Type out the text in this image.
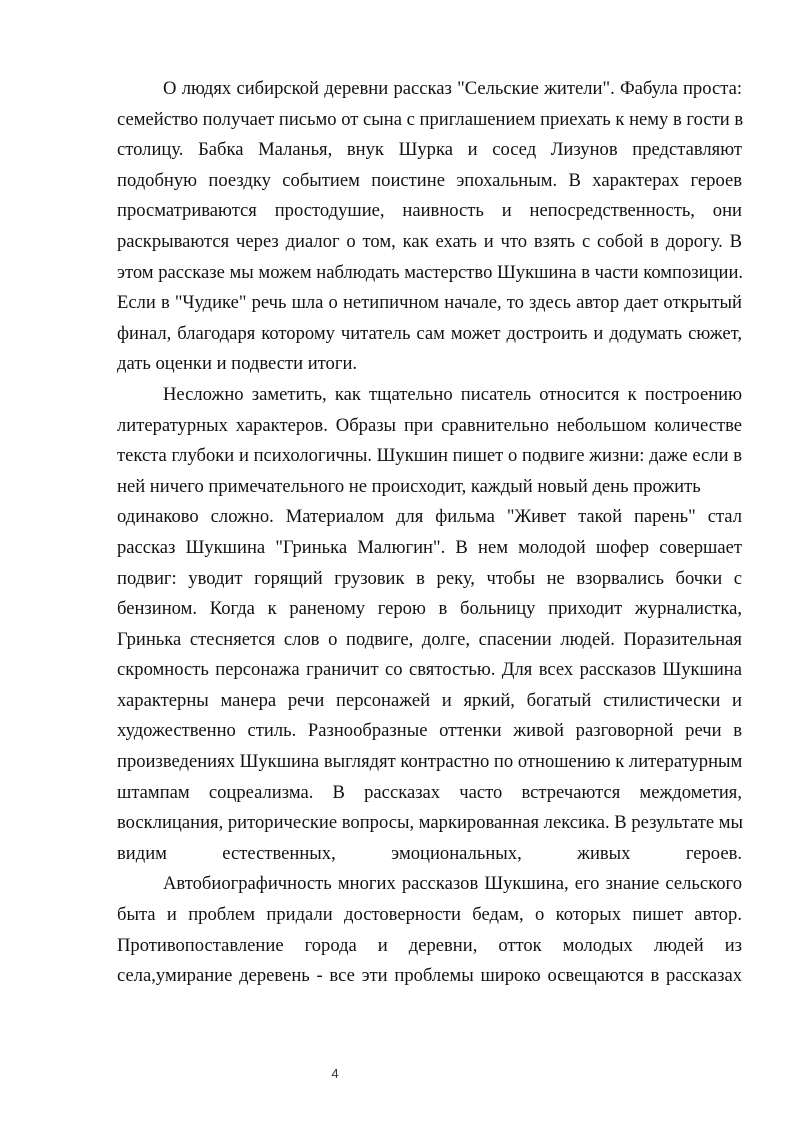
О людях сибирской деревни рассказ "Сельские жители". Фабула проста:
семейство получает письмо от сына с приглашением приехать к нему в гости в
столицу. Бабка Маланья, внук Шурка и сосед Лизунов представляют
подобную поездку событием поистине эпохальным. В характерах героев
просматриваются простодушие, наивность и непосредственность, они
раскрываются через диалог о том, как ехать и что взять с собой в дорогу. В
этом рассказе мы можем наблюдать мастерство Шукшина в части композиции.
Если в "Чудике" речь шла о нетипичном начале, то здесь автор дает открытый
финал, благодаря которому читатель сам может достроить и додумать сюжет,
дать оценки и подвести итоги.
Несложно заметить, как тщательно писатель относится к построению
литературных характеров. Образы при сравнительно небольшом количестве
текста глубоки и психологичны. Шукшин пишет о подвиге жизни: даже если в
ней ничего примечательного не происходит, каждый новый день прожить
одинаково сложно. Материалом для фильма "Живет такой парень" стал
рассказ Шукшина "Гринька Малюгин". В нем молодой шофер совершает
подвиг: уводит горящий грузовик в реку, чтобы не взорвались бочки с
бензином. Когда к раненому герою в больницу приходит журналистка,
Гринька стесняется слов о подвиге, долге, спасении людей. Поразительная
скромность персонажа граничит со святостью. Для всех рассказов Шукшина
характерны манера речи персонажей и яркий, богатый стилистически и
художественно стиль. Разнообразные оттенки живой разговорной речи в
произведениях Шукшина выглядят контрастно по отношению к литературным
штампам соцреализма. В рассказах часто встречаются междометия,
восклицания, риторические вопросы, маркированная лексика. В результате мы
видим естественных, эмоциональных, живых героев.
Автобиографичность многих рассказов Шукшина, его знание сельского
быта и проблем придали достоверности бедам, о которых пишет автор.
Противопоставление города и деревни, отток молодых людей из
села,умирание деревень - все эти проблемы широко освещаются в рассказах
4
